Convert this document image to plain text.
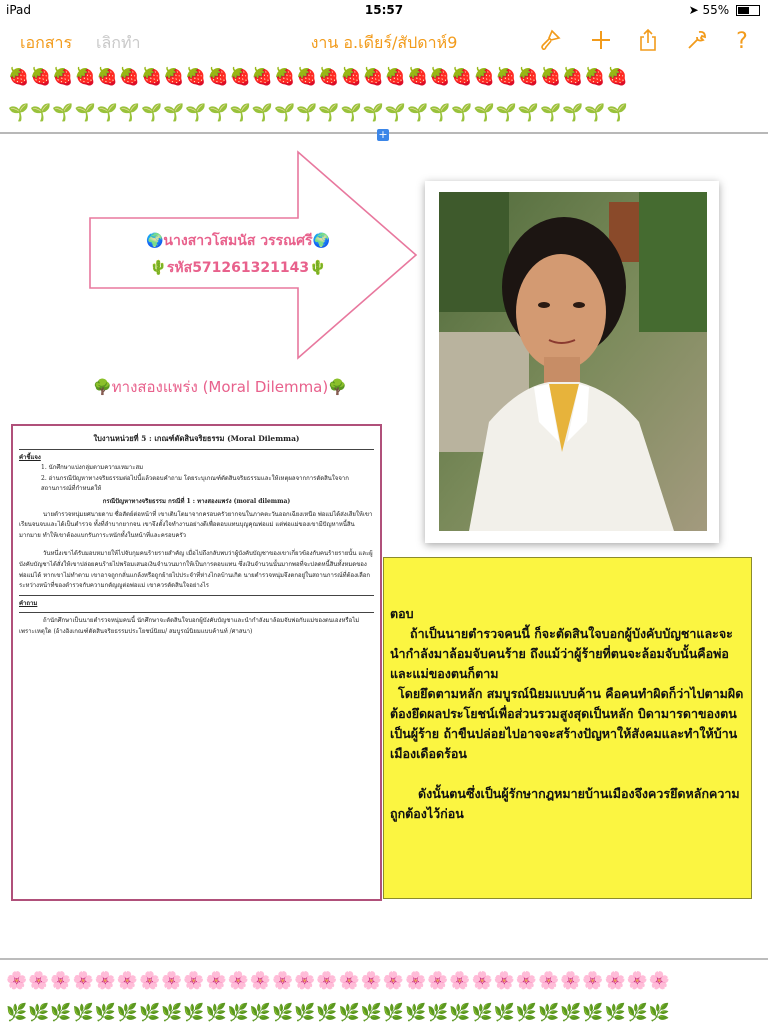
iPad	15:57	➤ 55%
เอกสาร เลิกทำ	งาน อ.เดียร์/สัปดาห์9	?
🍓🍓🍓🍓🍓🍓🍓🍓🍓🍓🍓🍓🍓🍓🍓🍓🍓🍓🍓🍓🍓🍓🍓🍓🍓🍓🍓🍓
🌱🌱🌱🌱🌱🌱🌱🌱🌱🌱🌱🌱🌱🌱🌱🌱🌱🌱🌱🌱🌱🌱🌱🌱🌱🌱🌱🌱
+
🌍นางสาวโสมนัส วรรณศรี🌍
🌵รหัส571261321143🌵
🌳ทางสองแพร่ง (Moral Dilemma)🌳
ใบงานหน่วยที่ 5 : เกณฑ์ตัดสินจริยธรรม (Moral Dilemma)
คำชี้แจง

1. นักศึกษาแบ่งกลุ่มตามความเหมาะสม

2. อ่านกรณีปัญหาทางจริยธรรมต่อไปนี้แล้วตอบคำถาม โดยระบุเกณฑ์ตัดสินจริยธรรมและให้เหตุผลจากการตัดสินใจจากสถานการณ์ที่กำหนดให้

กรณีปัญหาทางจริยธรรม กรณีที่ 1 : ทางสองแพร่ง (moral dilemma)

นายตำรวจหนุ่มยศนายดาบ ซื่อสัตย์ต่อหน้าที่ เขาเติบโตมาจากครอบครัวยากจนในภาคตะวันออกเฉียงเหนือ พ่อแม่ได้ส่งเสียให้เขาเรียนจนจบและได้เป็นตำรวจ ทั้งที่ลำบากยากจน เขาจึงตั้งใจทำงานอย่างดีเพื่อตอบแทนบุญคุณพ่อแม่ แต่พ่อแม่ของเขามีปัญหาหนี้สินมากมาย ทำให้เขาต้องแบกรับภาระหนักทั้งในหน้าที่และครอบครัว

วันหนึ่งเขาได้รับมอบหมายให้ไปจับกุมคนร้ายรายสำคัญ เมื่อไปถึงกลับพบว่าผู้บังคับบัญชาของเขาเกี่ยวข้องกับคนร้ายรายนั้น และผู้บังคับบัญชาได้สั่งให้เขาปล่อยคนร้ายไปพร้อมเสนอเงินจำนวนมากให้เป็นการตอบแทน ซึ่งเงินจำนวนนั้นมากพอที่จะปลดหนี้สินทั้งหมดของพ่อแม่ได้ หากเขาไม่ทำตาม เขาอาจถูกกลั่นแกล้งหรือถูกย้ายไปประจำที่ห่างไกลบ้านเกิด นายตำรวจหนุ่มจึงตกอยู่ในสถานการณ์ที่ต้องเลือกระหว่างหน้าที่ของตำรวจกับความกตัญญูต่อพ่อแม่ เขาควรตัดสินใจอย่างไร

คำถาม

ถ้านักศึกษาเป็นนายตำรวจหนุ่มคนนี้ นักศึกษาจะตัดสินใจบอกผู้บังคับบัญชาและนำกำลังมาล้อมจับพ่อกับแม่ของตนเองหรือไม่ เพราะเหตุใด (อ้างอิงเกณฑ์ตัดสินจริยธรรมประโยชน์นิยม/ สมบูรณ์นิยมแบบค้านท์ /ศาสนา)

ตอบ

ถ้าเป็นนายตำรวจคนนี้ ก็จะตัดสินใจบอกผู้บังคับบัญชาและจะนำกำลังมาล้อมจับคนร้าย ถึงแม้ว่าผู้ร้ายที่ตนจะล้อมจับนั้นคือพ่อและแม่ของตนก็ตาม

โดยยึดตามหลัก สมบูรณ์นิยมแบบค้าน คือคนทำผิดก็ว่าไปตามผิด ต้องยึดผลประโยชน์เพื่อส่วนรวมสูงสุดเป็นหลัก บิดามารดาของตนเป็นผู้ร้าย ถ้าขืนปล่อยไปอาจจะสร้างปัญหาให้สังคมและทำให้บ้านเมืองเดือดร้อน

ดังนั้นตนซึ่งเป็นผู้รักษากฎหมายบ้านเมืองจึงควรยึดหลักความถูกต้องไว้ก่อน

🌸🌸🌸🌸🌸🌸🌸🌸🌸🌸🌸🌸🌸🌸🌸🌸🌸🌸🌸🌸🌸🌸🌸🌸🌸🌸🌸🌸🌸🌸
🌿🌿🌿🌿🌿🌿🌿🌿🌿🌿🌿🌿🌿🌿🌿🌿🌿🌿🌿🌿🌿🌿🌿🌿🌿🌿🌿🌿🌿🌿
